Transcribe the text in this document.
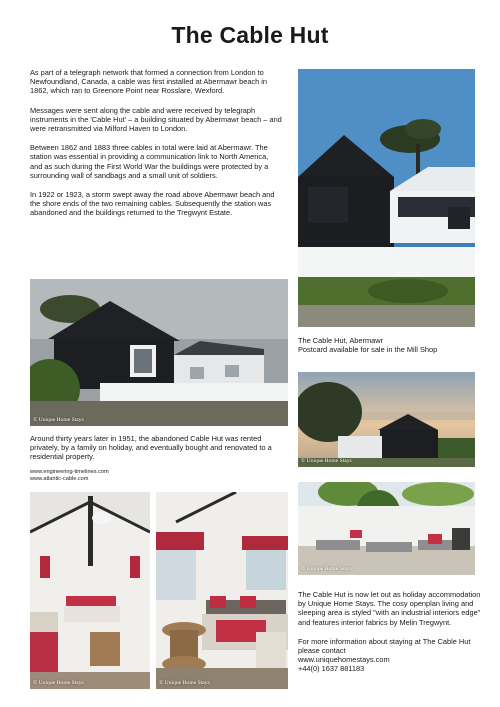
The Cable Hut

As part of a telegraph network that formed a connection from London to Newfoundland, Canada, a cable was first installed at Abermawr beach in 1862, which ran to Greenore Point near Rosslare, Wexford.

Messages were sent along the cable and were received by telegraph instruments in the 'Cable Hut' – a building situated by Abermawr beach – and were retransmitted via Milford Haven to London.

Between 1862 and 1883 three cables in total were laid at Abermawr. The station was essential in providing a communication link to North America, and as such during the First World War the buildings were protected by a surrounding wall of sandbags and a small unit of soldiers.

In 1922 or 1923, a storm swept away the road above Abermawr beach and the shore ends of the two remaining cables. Subsequently the station was abandoned and the buildings returned to the Tregwynt Estate.

The Cable Hut, Abermawr
Postcard available for sale in the Mill Shop
© Unique Home Stays

Around thirty years later in 1951, the abandoned Cable Hut was rented privately, by a family on holiday, and eventually bought and renovated to a residential property.

www.engineering-timelines.com
www.atlantic-cable.com
© Unique Home Stays
© Unique Home Stays
© Unique Home Stays	© Unique Home Stays

The Cable Hut is now let out as holiday accommodation by Unique Home Stays. The cosy openplan living and sleeping area is styled "with an industrial interiors edge" and features interior fabrics by Melin Tregwynt.

For more information about staying at The Cable Hut please contact

www.uniquehomestays.com
+44(0) 1637 881183
